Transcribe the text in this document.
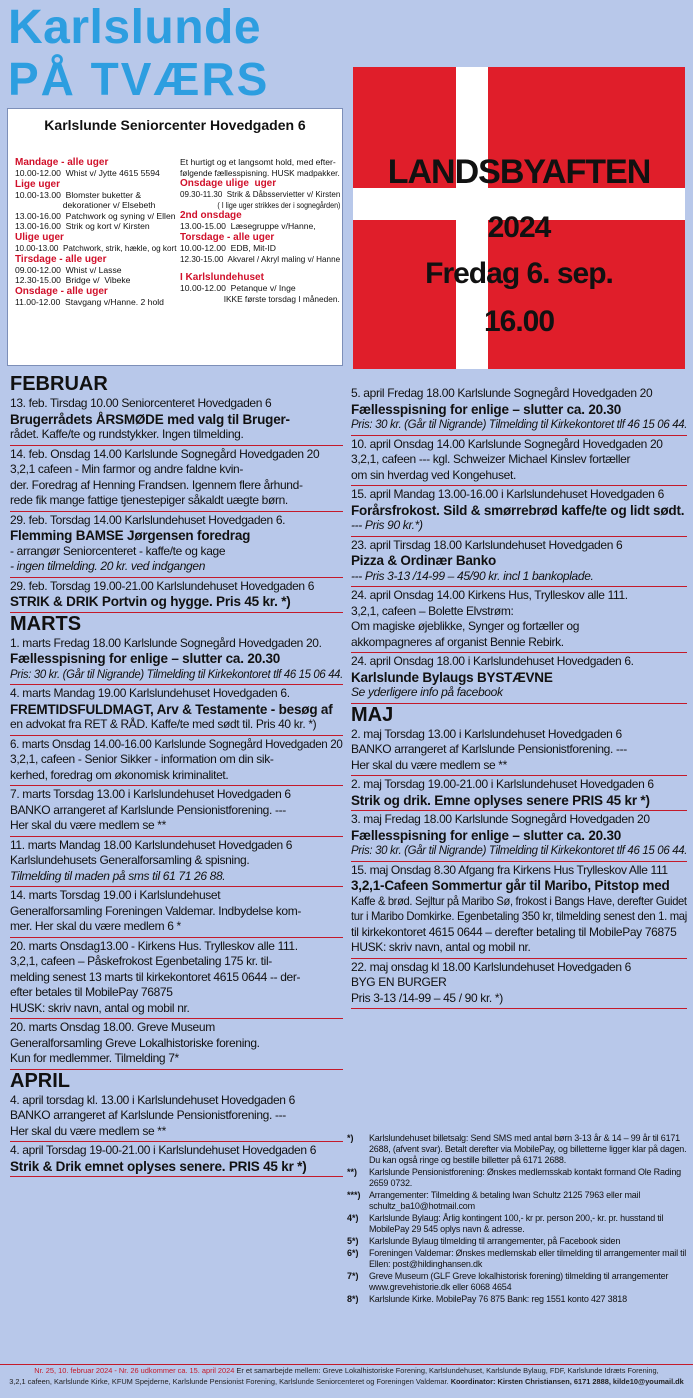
Karlslunde
PÅ TVÆRS
LANDSBYAFTEN
2024
Fredag 6. sep.
16.00
Karlslunde Seniorcenter Hovedgaden 6
Mandage - alle uger
10.00-12.00  Whist v/ Jytte 4615 5594
Lige uger
10.00-13.00  Blomster buketter &
dekorationer v/ Elsebeth
13.00-16.00  Patchwork og syning v/ Ellen
13.00-16.00  Strik og kort v/ Kirsten
Ulige uger
10.00-13.00  Patchwork, strik, hækle, og kort
Tirsdage - alle uger
09.00-12.00  Whist v/ Lasse
12.30-15.00  Bridge v/  Vibeke
Onsdage - alle uger
11.00-12.00  Stavgang v/Hanne. 2 hold
Et hurtigt og et langsomt hold, med efter-
følgende fællesspisning. HUSK madpakker.
Onsdage ulige  uger
09.30-11.30  Strik & Dåbsservietter v/ Kirsten
( I lige uger strikkes der i sognegården)
2nd onsdage
13.00-15.00  Læsegruppe v/Hanne,
Torsdage - alle uger
10.00-12.00  EDB, Mit-ID
12.30-15.00  Akvarel / Akryl maling v/ Hanne
I Karlslundehuset
10.00-12.00  Petanque v/ Inge
IKKE første torsdag I måneden.
FEBRUAR
13. feb. Tirsdag 10.00 Seniorcenteret Hovedgaden 6
Brugerrådets ÅRSMØDE med valg til Bruger-
rådet. Kaffe/te og rundstykker. Ingen tilmelding.
14. feb. Onsdag 14.00 Karlslunde Sognegård Hovedgaden 20
3,2,1 cafeen - Min farmor og andre faldne kvin-
der. Foredrag af Henning Frandsen. Igennem flere århund-
rede fik mange fattige tjenestepiger såkaldt uægte børn.
29. feb. Torsdag 14.00 Karlslundehuset Hovedgaden 6.
Flemming BAMSE Jørgensen foredrag
- arrangør Seniorcenteret - kaffe/te og kage
- ingen tilmelding. 20 kr. ved indgangen
29. feb. Torsdag 19.00-21.00 Karlslundehuset Hovedgaden 6
STRIK & DRIK Portvin og hygge. Pris 45 kr. *)
MARTS
1. marts Fredag 18.00 Karlslunde Sognegård Hovedgaden 20.
Fællesspisning for enlige – slutter ca. 20.30
Pris: 30 kr. (Går til Nigrande) Tilmelding til Kirkekontoret tlf 46 15 06 44.
4. marts Mandag 19.00 Karlslundehuset Hovedgaden 6.
FREMTIDSFULDMAGT, Arv & Testamente - besøg af
en advokat fra RET & RÅD. Kaffe/te med sødt til. Pris 40 kr. *)
6. marts Onsdag 14.00-16.00 Karlslunde Sognegård Hovedgaden 20
3,2,1, cafeen - Senior Sikker - information om din sik-
kerhed, foredrag om økonomisk kriminalitet.
7. marts Torsdag 13.00 i Karlslundehuset Hovedgaden 6
BANKO arrangeret af Karlslunde Pensionistforening. ---
Her skal du være medlem se **
11. marts Mandag 18.00 Karlslundehuset Hovedgaden 6
Karlslundehusets Generalforsamling & spisning.
Tilmelding til maden på sms til 61 71 26 88.
14. marts Torsdag 19.00 i Karlslundehuset
Generalforsamling Foreningen Valdemar. Indbydelse kom-
mer. Her skal du være medlem 6 *
20. marts Onsdag13.00 - Kirkens Hus. Trylleskov alle 111.
3,2,1, cafeen – Påskefrokost Egenbetaling 175 kr. til-
melding senest 13 marts til kirkekontoret 4615 0644 -- der-
efter betales til MobilePay 76875
HUSK: skriv navn, antal og mobil nr.
20. marts Onsdag 18.00. Greve Museum
Generalforsamling Greve Lokalhistoriske forening.
Kun for medlemmer. Tilmelding 7*
APRIL
4. april torsdag kl. 13.00 i Karlslundehuset Hovedgaden 6
BANKO arrangeret af Karlslunde Pensionistforening. ---
Her skal du være medlem se **
4. april Torsdag 19-00-21.00 i Karlslundehuset Hovedgaden 6
Strik & Drik emnet oplyses senere. PRIS 45 kr *)
5. april Fredag 18.00 Karlslunde Sognegård Hovedgaden 20
Fællesspisning for enlige – slutter ca. 20.30
Pris: 30 kr. (Går til Nigrande) Tilmelding til Kirkekontoret tlf 46 15 06 44.
10. april Onsdag 14.00 Karlslunde Sognegård Hovedgaden 20
3,2,1, cafeen --- kgl. Schweizer Michael Kinslev fortæller
om sin hverdag ved Kongehuset.
15. april Mandag 13.00-16.00 i Karlslundehuset Hovedgaden 6
Forårsfrokost. Sild & smørrebrød kaffe/te og lidt sødt.
--- Pris 90 kr.*)
23. april Tirsdag 18.00 Karlslundehuset Hovedgaden 6
Pizza & Ordinær Banko
--- Pris 3-13 /14-99 – 45/90 kr. incl 1 bankoplade.
24. april Onsdag 14.00 Kirkens Hus, Trylleskov alle 111.
3,2,1, cafeen – Bolette Elvstrøm:
Om magiske øjeblikke, Synger og fortæller og
akkompagneres af organist Bennie Rebirk.
24. april Onsdag 18.00 i Karlslundehuset Hovedgaden 6.
Karlslunde Bylaugs BYSTÆVNE
Se yderligere info på facebook
MAJ
2. maj Torsdag 13.00 i Karlslundehuset Hovedgaden 6
BANKO arrangeret af Karlslunde Pensionistforening. ---
Her skal du være medlem se **
2. maj Torsdag 19.00-21.00 i Karlslundehuset Hovedgaden 6
Strik og drik. Emne oplyses senere PRIS 45 kr *)
3. maj Fredag 18.00 Karlslunde Sognegård Hovedgaden 20
Fællesspisning for enlige – slutter ca. 20.30
Pris: 30 kr. (Går til Nigrande) Tilmelding til Kirkekontoret tlf 46 15 06 44.
15. maj Onsdag 8.30 Afgang fra Kirkens Hus Trylleskov Alle 111
3,2,1-Cafeen Sommertur går til Maribo, Pitstop med
Kaffe & brød. Sejltur på Maribo Sø, frokost i Bangs Have, derefter Guidet
tur i Maribo Domkirke. Egenbetaling 350 kr, tilmelding senest den 1. maj
til kirkekontoret 4615 0644 – derefter betaling til MobilePay 76875
HUSK: skriv navn, antal og mobil nr.
22. maj onsdag kl 18.00 Karlslundehuset Hovedgaden 6
BYG EN BURGER
Pris 3-13 /14-99 – 45 / 90 kr. *)
*)	Karlslundehuset billetsalg: Send SMS med antal børn 3-13 år & 14 – 99 år til 6171 2688, (afvent svar). Betalt derefter via MobilePay, og billetterne ligger klar på dagen. Du kan også ringe og bestille billetter på 6171 2688.
**)	Karlslunde Pensionistforening: Ønskes medlemsskab kontakt formand Ole Rading 2659 0732.
***) Arrangementer: Tilmelding & betaling Iwan Schultz 2125 7963 eller mail schultz_ba10@hotmail.com
4*)	Karlslunde Bylaug: Årlig kontingent 100,- kr pr. person 200,- kr. pr. husstand til MobilePay 29 545 oplys navn & adresse.
5*)	Karlslunde Bylaug tilmelding til arrangementer, på Facebook siden
6*)	Foreningen Valdemar: Ønskes medlemskab eller tilmelding til arrangementer mail til Ellen: post@hildinghansen.dk
7*)	Greve Museum (GLF Greve lokalhistorisk forening) tilmelding til arrangementer www.grevehistorie.dk eller 6068 4654
8*)	Karlslunde Kirke. MobilePay 76 875 Bank: reg 1551 konto 427 3818
Nr. 25, 10. februar 2024 - Nr. 26 udkommer ca. 15. april 2024 Er et samarbejde mellem: Greve Lokalhistoriske Forening, Karlslundehuset, Karlslunde Bylaug, FDF, Karlslunde Idræts Forening,
3,2,1 cafeen, Karlslunde Kirke, KFUM Spejderne, Karlslunde Pensionist Forening, Karlslunde Seniorcenteret og Foreningen Valdemar. Koordinator: Kirsten Christiansen, 6171 2888, kilde10@youmail.dk
